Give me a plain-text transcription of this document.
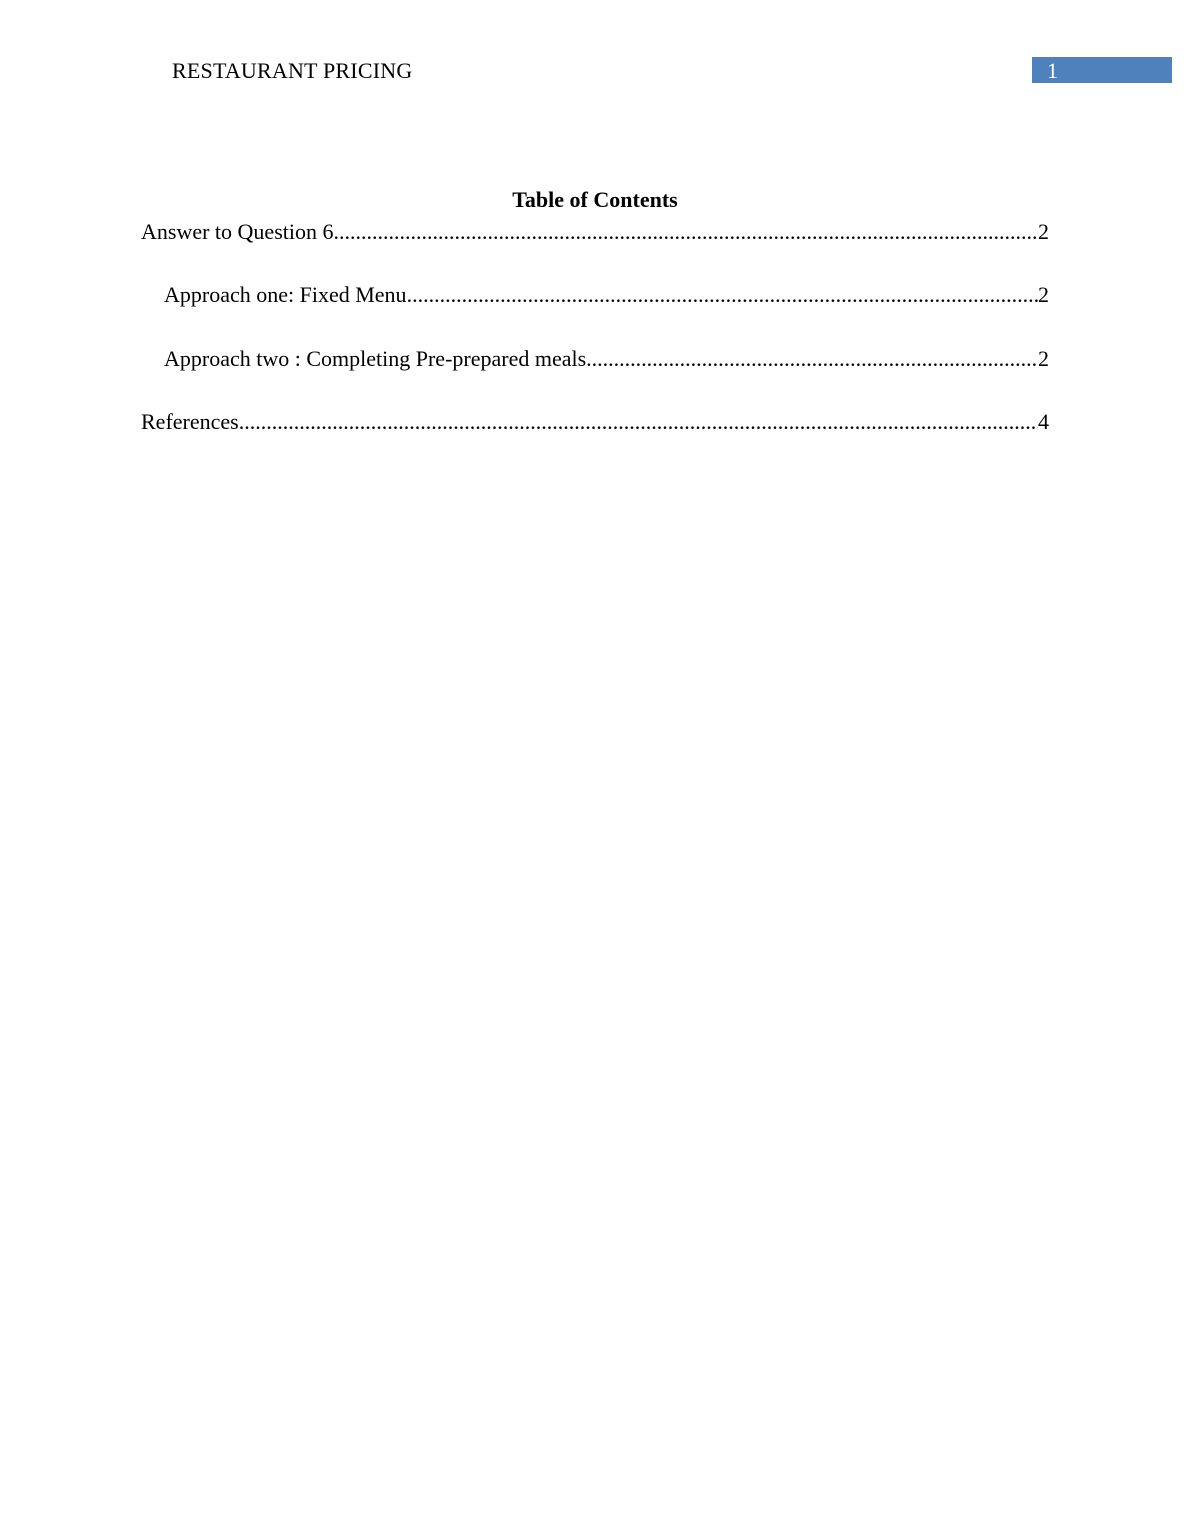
RESTAURANT PRICING	1
Table of Contents
Answer to Question 6 .....	2
Approach one: Fixed Menu .....	2
Approach two : Completing Pre-prepared meals .....	2
References .....	4
